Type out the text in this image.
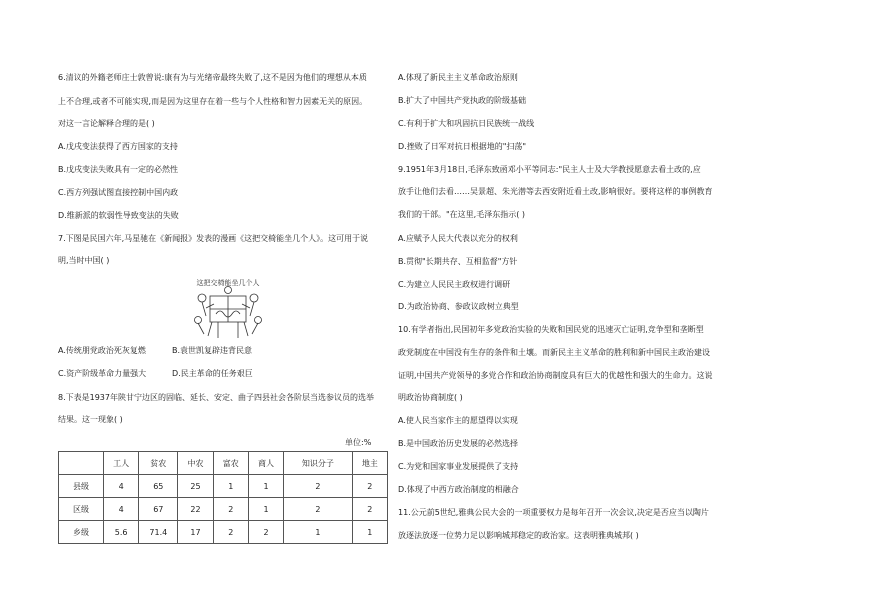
6.清议的外籍老师庄士敦曾说:康有为与光绪帝最终失败了,这不是因为他们的理想从本质
上不合理,或者不可能实现,而是因为这里存在着一些与个人性格和智力因素无关的原因。
对这一言论解释合理的是( )
A.戊戌变法获得了西方国家的支持
B.戊戌变法失败具有一定的必然性
C.西方列强试图直接控制中国内政
D.维新派的软弱性导致变法的失败
7.下图是民国六年,马星驰在《新闻报》发表的漫画《这把交椅能坐几个人》。这可用于说
明,当时中国( )
这把交椅能坐几个人
A.传统朋党政治死灰复燃	B.袁世凯复辟违背民意
C.资产阶级革命力量强大	D.民主革命的任务艰巨
8.下表是1937年陕甘宁边区的固临、延长、安定、曲子四县社会各阶层当选参议员的选举
结果。这一现象( )
单位:%
	工人	贫农	中农	富农	商人	知识分子	地主
县级	4	65	25	1	1	2	2
区级	4	67	22	2	1	2	2
乡级	5.6	71.4	17	2	2	1	1
A.体现了新民主主义革命政治原则
B.扩大了中国共产党执政的阶级基础
C.有利于扩大和巩固抗日民族统一战线
D.挫败了日军对抗日根据地的"扫荡"
9.1951年3月18日,毛泽东致函邓小平等同志:"民主人士及大学教授愿意去看土改的,应
放手让他们去看……吴景超、朱光潜等去西安附近看土改,影响很好。要将这样的事例教育
我们的干部。"在这里,毛泽东指示( )
A.应赋予人民大代表以充分的权利
B.贯彻"长期共存、互相监督"方针
C.为建立人民民主政权进行调研
D.为政治协商、参政议政树立典型
10.有学者指出,民国初年多党政治实验的失败和国民党的迅速灭亡证明,竞争型和垄断型
政党制度在中国没有生存的条件和土壤。而新民主主义革命的胜利和新中国民主政治建设
证明,中国共产党领导的多党合作和政治协商制度具有巨大的优越性和强大的生命力。这说
明政治协商制度( )
A.使人民当家作主的愿望得以实现
B.是中国政治历史发展的必然选择
C.为党和国家事业发展提供了支持
D.体现了中西方政治制度的相融合
11.公元前5世纪,雅典公民大会的一项重要权力是每年召开一次会议,决定是否应当以陶片
放逐法放逐一位势力足以影响城邦稳定的政治家。这表明雅典城邦( )
